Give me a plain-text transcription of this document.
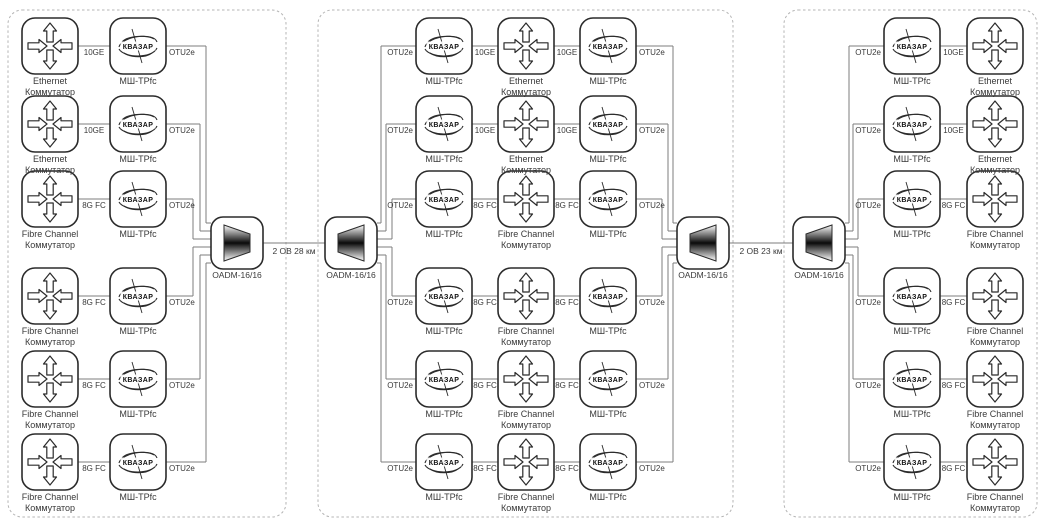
КВАЗАР
КВАЗАР
КВАЗАР
КВАЗАР
КВАЗАР
КВАЗАР
КВАЗАР	КВАЗАР
КВАЗАР	КВАЗАР
КВАЗАР	КВАЗАР
КВАЗАР	КВАЗАР
КВАЗАР	КВАЗАР
КВАЗАР	КВАЗАР
КВАЗАР
КВАЗАР
КВАЗАР
КВАЗАР
КВАЗАР
КВАЗАР
10GE
10GE
8G FC
8G FC
8G FC
8G FC
OTU2e
OTU2e
OTU2e
OTU2e
OTU2e
OTU2e
Ethernet
Коммутатор
МШ-TPfc
Ethernet
Коммутатор
МШ-TPfc
Fibre Channel
Коммутатор
МШ-TPfc
Fibre Channel
Коммутатор
МШ-TPfc
Fibre Channel
Коммутатор
МШ-TPfc
Fibre Channel
Коммутатор
МШ-TPfc
OADM-16/16
10GE	10GE
10GE	10GE
8G FC	8G FC
8G FC	8G FC
8G FC	8G FC
8G FC	8G FC
OTU2e
OTU2e
OTU2e
OTU2e
OTU2e
OTU2e
OTU2e
OTU2e
OTU2e
OTU2e
OTU2e
OTU2e
МШ-TPfc	Ethernet
Коммутатор
МШ-TPfc
МШ-TPfc	Ethernet
Коммутатор
МШ-TPfc
МШ-TPfc	Fibre Channel
Коммутатор
МШ-TPfc
МШ-TPfc	Fibre Channel
Коммутатор
МШ-TPfc
МШ-TPfc	Fibre Channel
Коммутатор
МШ-TPfc
МШ-TPfc	Fibre Channel
Коммутатор
МШ-TPfc
OADM-16/16	OADM-16/16
10GE
10GE
8G FC
8G FC
8G FC
8G FC
OTU2e
OTU2e
OTU2e
OTU2e
OTU2e
OTU2e
МШ-TPfc	Ethernet
Коммутатор
МШ-TPfc	Ethernet
Коммутатор
МШ-TPfc	Fibre Channel
Коммутатор
МШ-TPfc	Fibre Channel
Коммутатор
МШ-TPfc	Fibre Channel
Коммутатор
МШ-TPfc	Fibre Channel
Коммутатор
OADM-16/16
2 ОВ 28 км	2 ОВ 23 км
